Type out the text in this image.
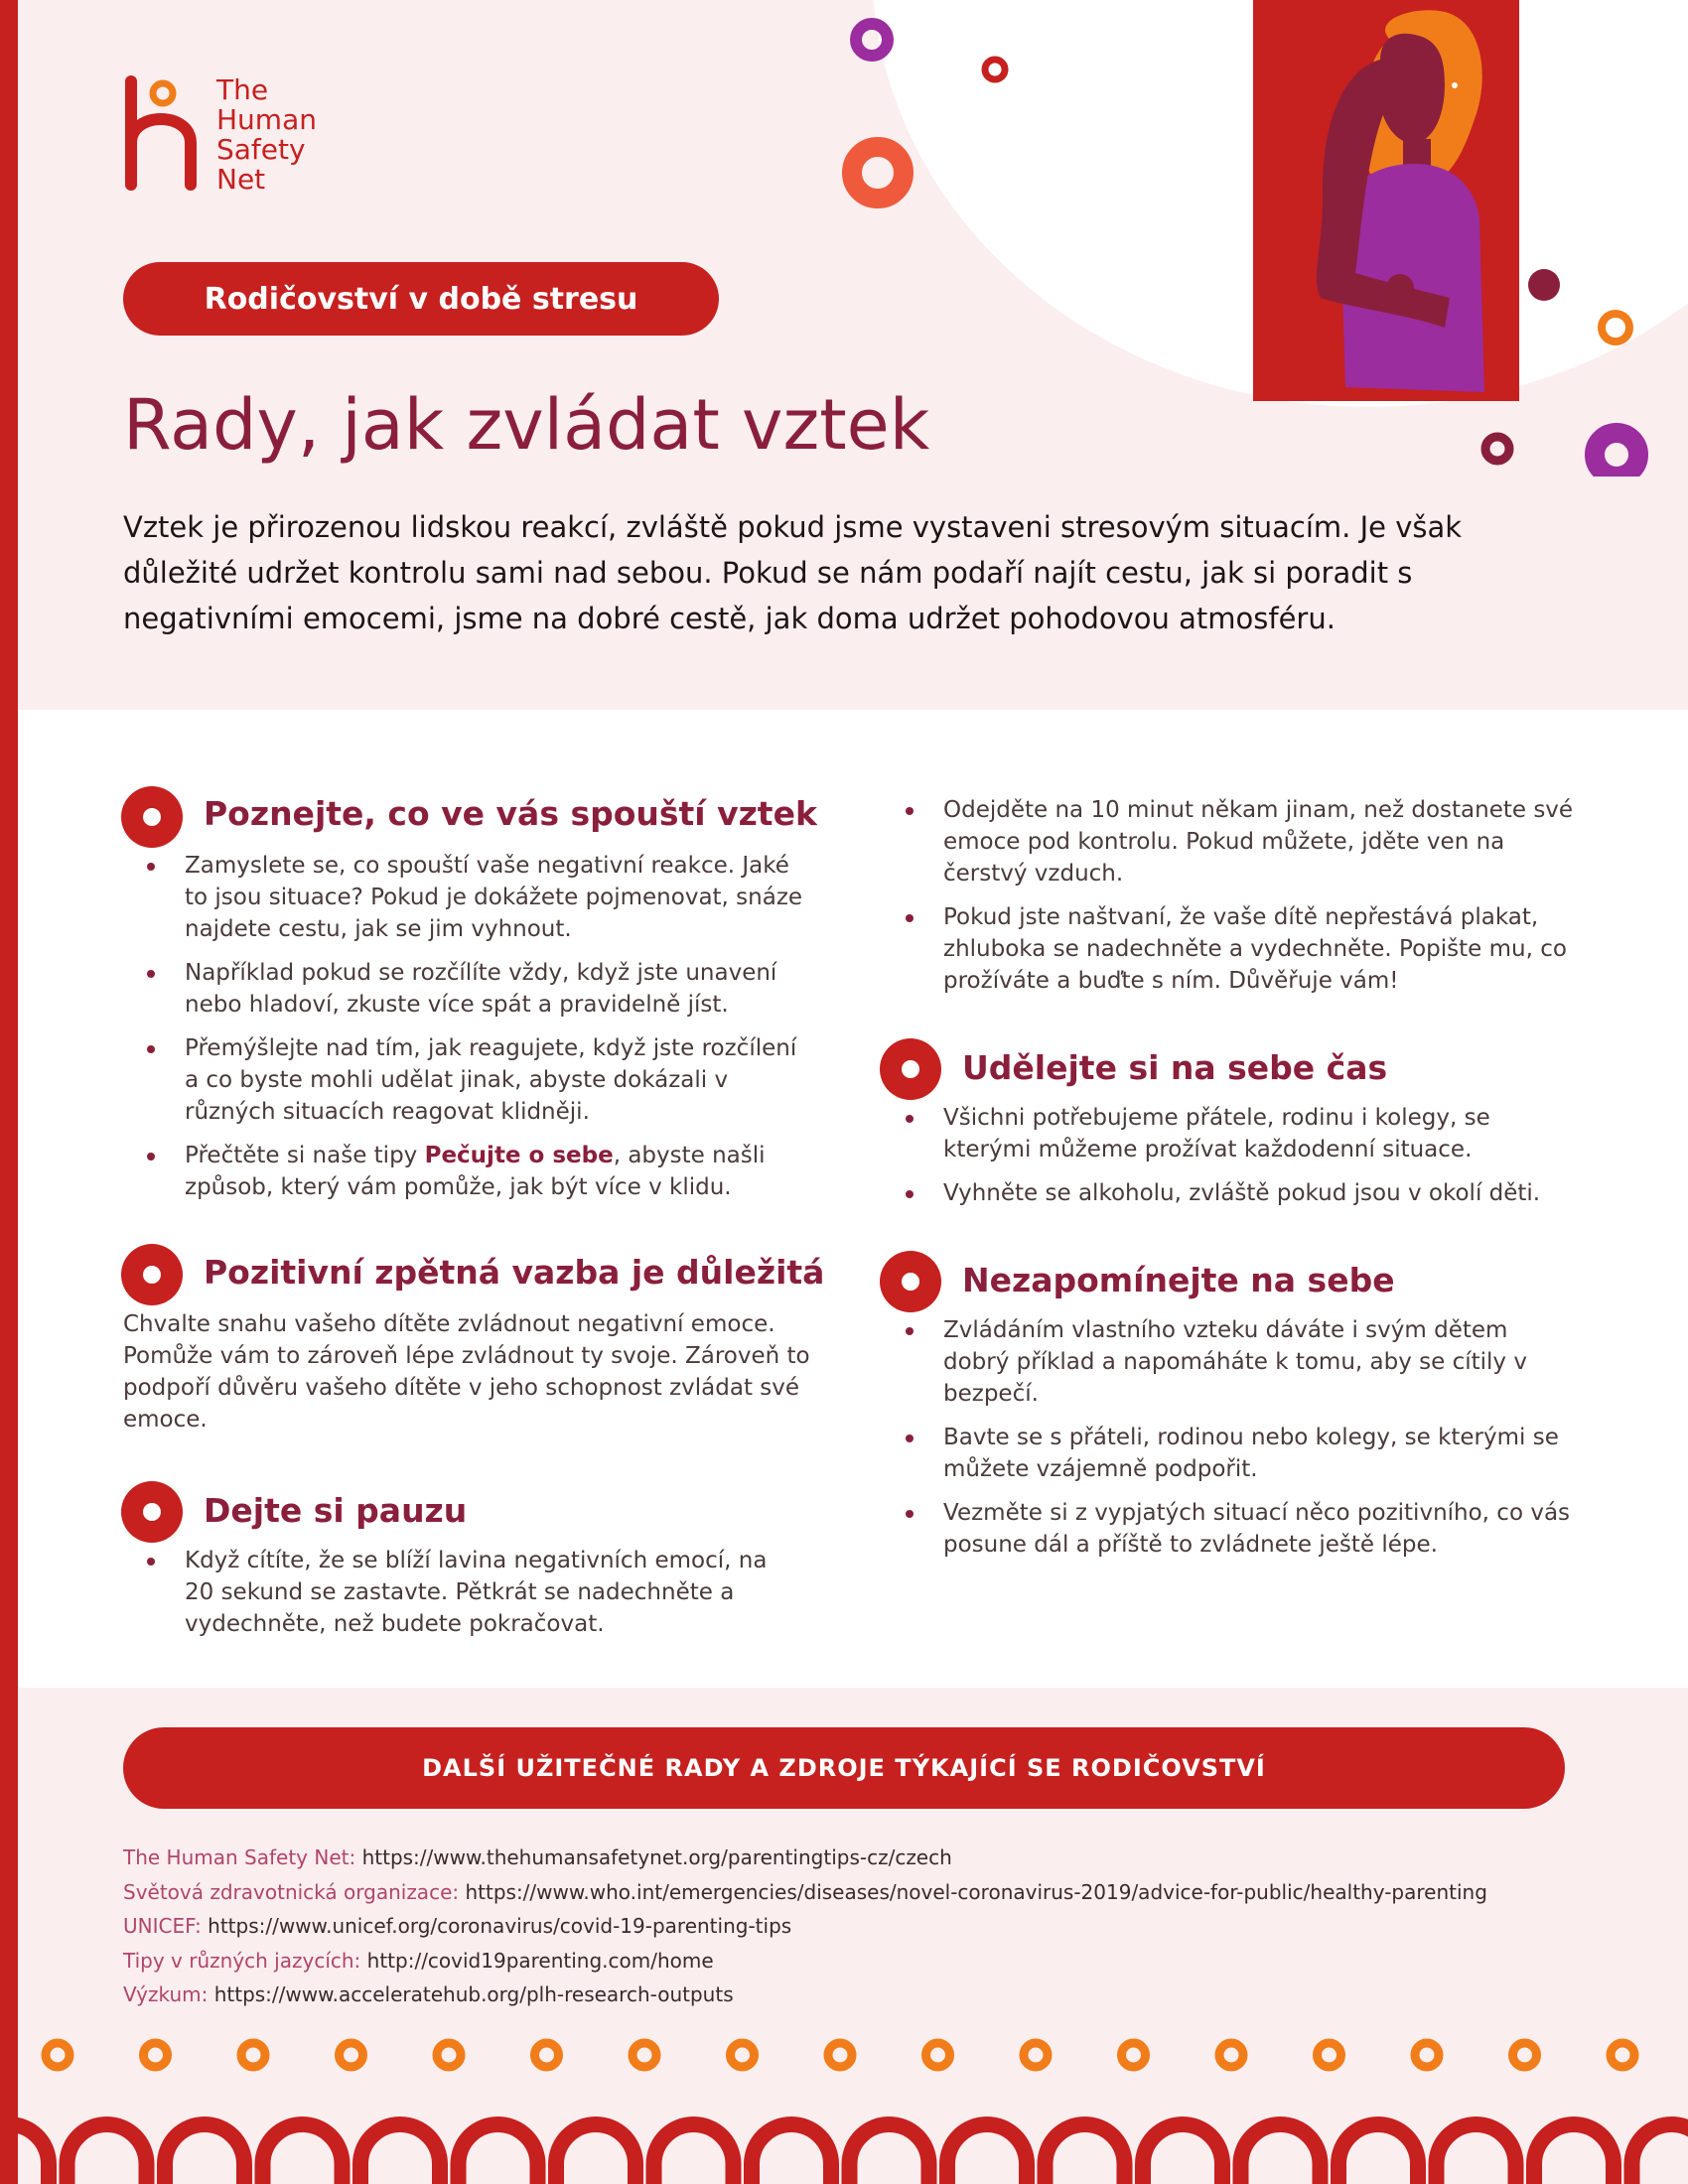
The
Human
Safety
Net
Rodičovství v době stresu
Rady, jak zvládat vztek

Vztek je přirozenou lidskou reakcí, zvláště pokud jsme vystaveni stresovým situacím. Je však důležité udržet kontrolu sami nad sebou. Pokud se nám podaří najít cestu, jak si poradit s negativními emocemi, jsme na dobré cestě, jak doma udržet pohodovou atmosféru.

Poznejte, co ve vás spouští vztek
Zamyslete se, co spouští vaše negativní reakce. Jaké to jsou situace? Pokud je dokážete pojmenovat, snáze najdete cestu, jak se jim vyhnout.
Například pokud se rozčílíte vždy, když jste unavení nebo hladoví, zkuste více spát a pravidelně jíst.
Přemýšlejte nad tím, jak reagujete, když jste rozčílení a co byste mohli udělat jinak, abyste dokázali v různých situacích reagovat klidněji.
Přečtěte si naše tipy Pečujte o sebe, abyste našli způsob, který vám pomůže, jak být více v klidu.
Pozitivní zpětná vazba je důležitá

Chvalte snahu vašeho dítěte zvládnout negativní emoce. Pomůže vám to zároveň lépe zvládnout ty svoje. Zároveň to podpoří důvěru vašeho dítěte v jeho schopnost zvládat své emoce.

Dejte si pauzu
Když cítíte, že se blíží lavina negativních emocí, na 20 sekund se zastavte. Pětkrát se nadechněte a vydechněte, než budete pokračovat.
Odejděte na 10 minut někam jinam, než dostanete své emoce pod kontrolu. Pokud můžete, jděte ven na čerstvý vzduch.
Pokud jste naštvaní, že vaše dítě nepřestává plakat, zhluboka se nadechněte a vydechněte. Popište mu, co prožíváte a buďte s ním. Důvěřuje vám!
Udělejte si na sebe čas
Všichni potřebujeme přátele, rodinu i kolegy, se kterými můžeme prožívat každodenní situace.
Vyhněte se alkoholu, zvláště pokud jsou v okolí děti.
Nezapomínejte na sebe
Zvládáním vlastního vzteku dáváte i svým dětem dobrý příklad a napomáháte k tomu, aby se cítily v bezpečí.
Bavte se s přáteli, rodinou nebo kolegy, se kterými se můžete vzájemně podpořit.
Vezměte si z vypjatých situací něco pozitivního, co vás posune dál a příště to zvládnete ještě lépe.
DALŠÍ UŽITEČNÉ RADY A ZDROJE TÝKAJÍCÍ SE RODIČOVSTVÍ
The Human Safety Net: https://www.thehumansafetynet.org/parentingtips-cz/czech
Světová zdravotnická organizace: https://www.who.int/emergencies/diseases/novel-coronavirus-2019/advice-for-public/healthy-parenting
UNICEF: https://www.unicef.org/coronavirus/covid-19-parenting-tips
Tipy v různých jazycích: http://covid19parenting.com/home
Výzkum: https://www.acceleratehub.org/plh-research-outputs
